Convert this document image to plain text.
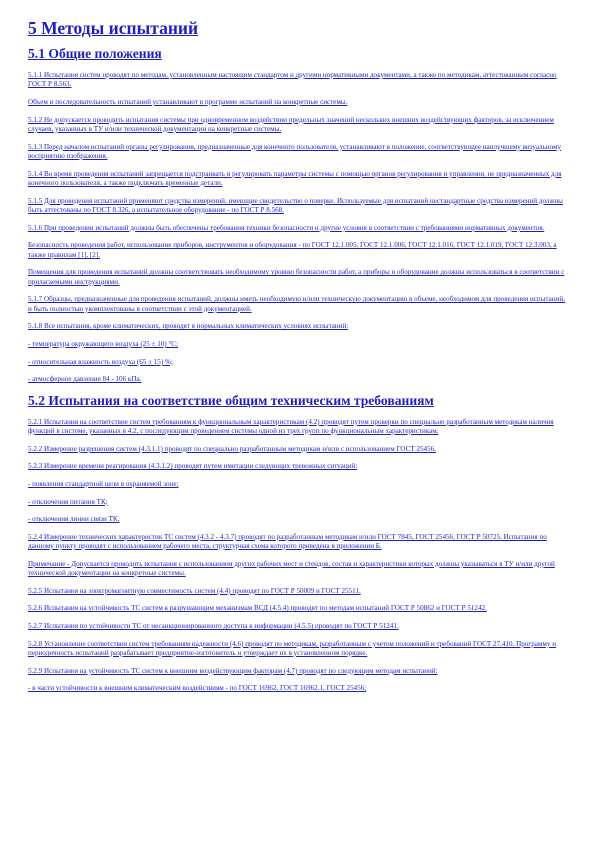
5 Методы испытаний
5.1 Общие положения
5.1.1 Испытания систем проводят по методам, установленным настоящим стандартом и другими нормативными документами, а также по методикам, аттестованным согласно ГОСТ Р 8.563.
Объем и последовательность испытаний устанавливают в программе испытаний на конкретные системы.
5.1.2 Не допускается проводить испытания системы при одновременном воздействии предельных значений нескольких внешних воздействующих факторов, за исключением случаев, указанных в ТУ и/или технической документации на конкретные системы.
5.1.3 Перед началом испытаний органы регулирования, предназначенные для конечного пользователя, устанавливают в положение, соответствующее наилучшему визуальному восприятию изображения.
5.1.4 Во время проведения испытаний запрещается подстраивать и регулировать параметры системы с помощью органов регулирования и управления, не предназначенных для конечного пользователя, а также подключать временные детали.
5.1.5 Для проведения испытаний применяют средства измерений, имеющие свидетельство о поверке. Используемые для испытаний нестандартные средства измерений должны быть аттестованы по ГОСТ 8.326, а испытательное оборудование - по ГОСТ Р 8.568.
5.1.6 При проведении испытаний должны быть обеспечены требования техники безопасности и другие условия в соответствии с требованиями нормативных документов.
Безопасность проведения работ, использование приборов, инструментов и оборудования - по ГОСТ 12.1.005, ГОСТ 12.1.006, ГОСТ 12.1.016, ГОСТ 12.1.019, ГОСТ 12.3.003, а также правилам [1], [2].
Помещения для проведения испытаний должны соответствовать необходимому уровню безопасности работ, а приборы и оборудование должны использоваться в соответствии с прилагаемыми инструкциями.
5.1.7 Образцы, предназначенные для проведения испытаний, должны иметь необходимую и/или техническую документацию в объеме, необходимом для проведения испытаний, и быть полностью укомплектованы в соответствии с этой документацией.
5.1.8 Все испытания, кроме климатических, проводят в нормальных климатических условиях испытаний:
- температура окружающего воздуха (25 ± 10) °С;
- относительная влажность воздуха (65 ± 15) %;
- атмосферное давление 84 - 106 кПа.
5.2 Испытания на соответствие общим техническим требованиям
5.2.1 Испытания на соответствие систем требованиям к функциональным характеристикам (4.2) проводят путем проверки по специально разработанным методикам наличия функций в системе, указанных в 4.2, с последующим проведением системы одной из трех групп по функциональным характеристикам.
5.2.2 Измерение разрешения систем (4.3.1.1) проводят по специально разработанным методикам и/или с использованием ГОСТ 25456.
5.2.3 Измерение времени реагирования (4.3.1.2) проводят путем имитации следующих тревожных ситуаций:
- появления стандартной цели в охраняемой зоне;
- отключения питания ТК;
- отключения линии связи ТК.
5.2.4 Измерение технических характеристик ТС систем (4.3.2 - 4.3.7) проводят по разработанным методикам и/или ГОСТ 7845, ГОСТ 25456, ГОСТ Р 50725. Испытания по данному пункту проводят с использованием рабочего места, структурная схема которого приведена в приложении Б.
Примечание - Допускается проводить испытания с использованием других рабочих мест и стендов, состав и характеристики которых должны указываться в ТУ и/или другой технической документации на конкретные системы.
5.2.5 Испытания на электромагнитную совместимость систем (4.4) проводят по ГОСТ Р 50009 и ГОСТ 25511.
5.2.6 Испытания на устойчивость ТС систем к разрушающим механизмам ВСД (4.5.4) проводят по методам испытаний ГОСТ Р 50862 и ГОСТ Р 51242.
5.2.7 Испытания по устойчивости ТС от несанкционированного доступа к информации (4.5.5) проводят по ГОСТ Р 51241.
5.2.8 Установление соответствия систем требованиям надежности (4.6) проводят по методикам, разработанным с учетом положений и требований ГОСТ 27.410. Программу и периодичность испытаний разрабатывает предприятие-изготовитель и утверждает их в установленном порядке.
5.2.9 Испытания на устойчивость ТС систем к внешним воздействующим факторам (4.7) проводят по следующим методам испытаний:
- в части устойчивости к внешним климатическим воздействиям - по ГОСТ 16962, ГОСТ 16962.1, ГОСТ 25456;
